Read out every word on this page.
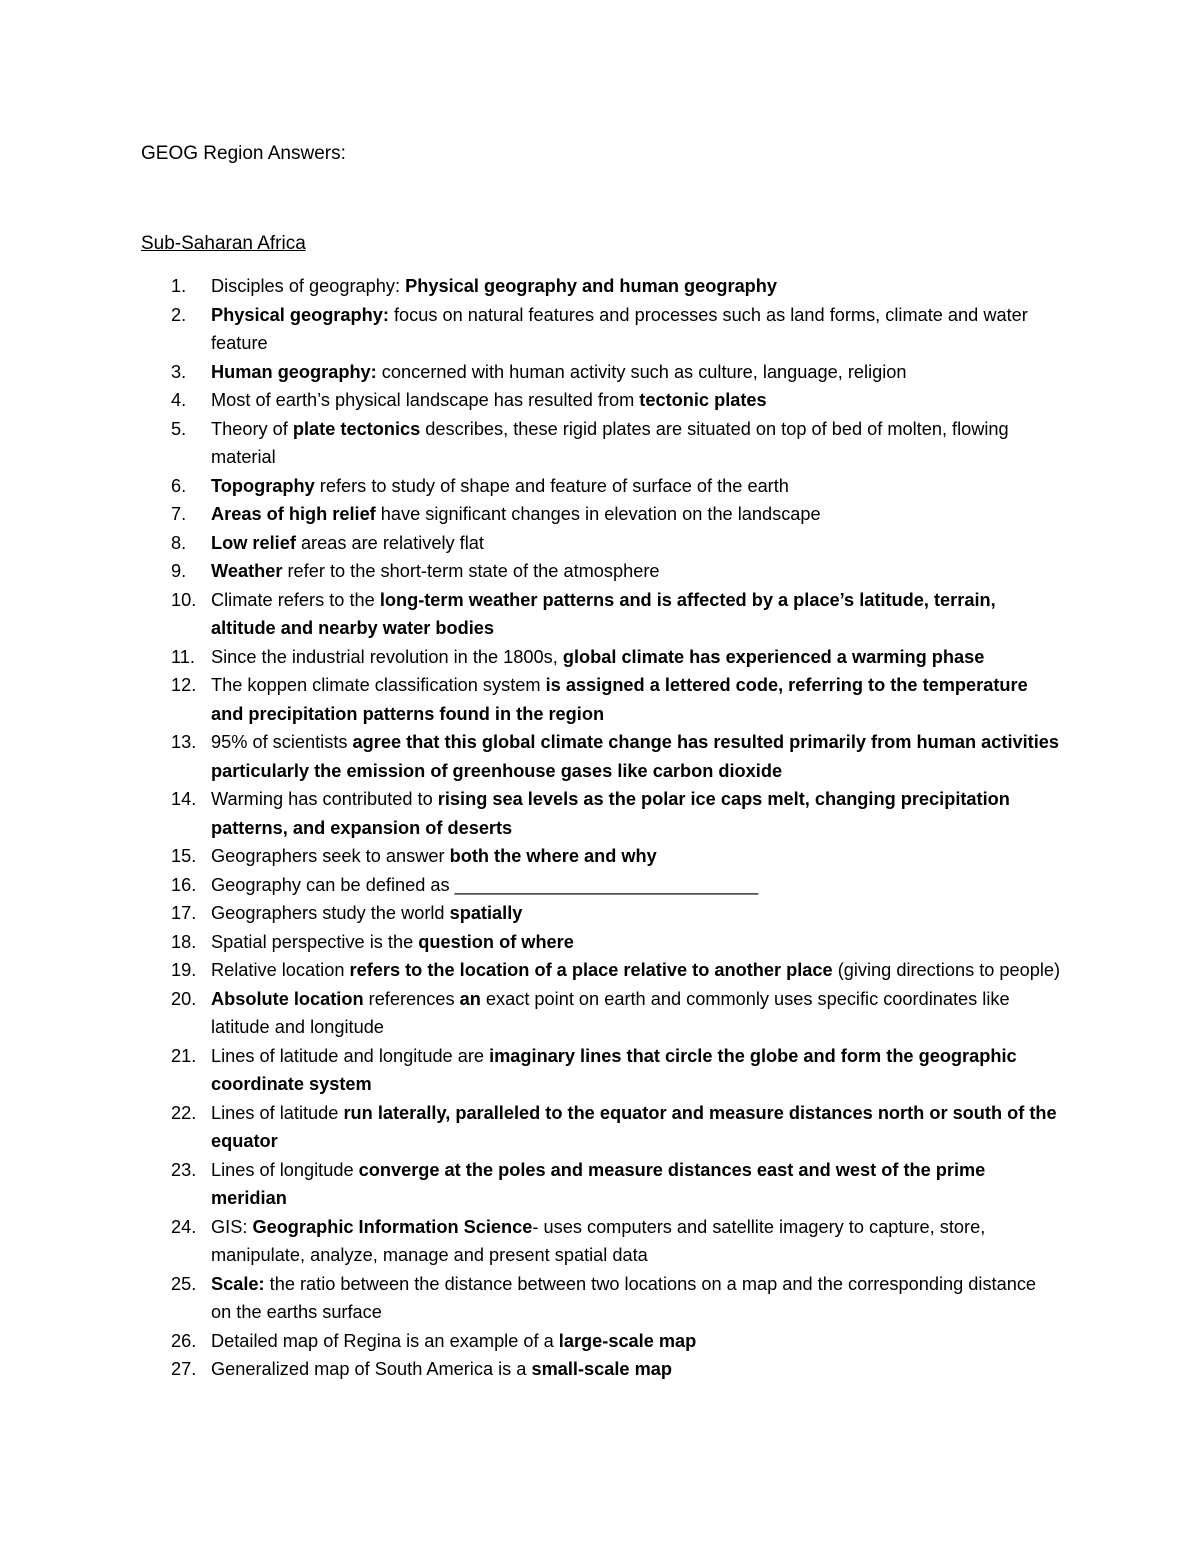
GEOG Region Answers:
Sub-Saharan Africa
1.	Disciples of geography: Physical geography and human geography
2.	Physical geography: focus on natural features and processes such as land forms, climate and water feature
3.	Human geography: concerned with human activity such as culture, language, religion
4.	Most of earth’s physical landscape has resulted from tectonic plates
5.	Theory of plate tectonics describes, these rigid plates are situated on top of bed of molten, flowing material
6.	Topography refers to study of shape and feature of surface of the earth
7.	Areas of high relief have significant changes in elevation on the landscape
8.	Low relief areas are relatively flat
9.	Weather refer to the short-term state of the atmosphere
10. Climate refers to the long-term weather patterns and is affected by a place’s latitude, terrain, altitude and nearby water bodies
11. Since the industrial revolution in the 1800s, global climate has experienced a warming phase
12. The koppen climate classification system is assigned a lettered code, referring to the temperature and precipitation patterns found in the region
13. 95% of scientists agree that this global climate change has resulted primarily from human activities particularly the emission of greenhouse gases like carbon dioxide
14. Warming has contributed to rising sea levels as the polar ice caps melt, changing precipitation patterns, and expansion of deserts
15. Geographers seek to answer both the where and why
16. Geography can be defined as ______________________________
17. Geographers study the world spatially
18. Spatial perspective is the question of where
19. Relative location refers to the location of a place relative to another place (giving directions to people)
20. Absolute location references an exact point on earth and commonly uses specific coordinates like latitude and longitude
21. Lines of latitude and longitude are imaginary lines that circle the globe and form the geographic coordinate system
22. Lines of latitude run laterally, paralleled to the equator and measure distances north or south of the equator
23. Lines of longitude converge at the poles and measure distances east and west of the prime meridian
24. GIS: Geographic Information Science- uses computers and satellite imagery to capture, store, manipulate, analyze, manage and present spatial data
25. Scale: the ratio between the distance between two locations on a map and the corresponding distance on the earths surface
26. Detailed map of Regina is an example of a large-scale map
27. Generalized map of South America is a small-scale map
